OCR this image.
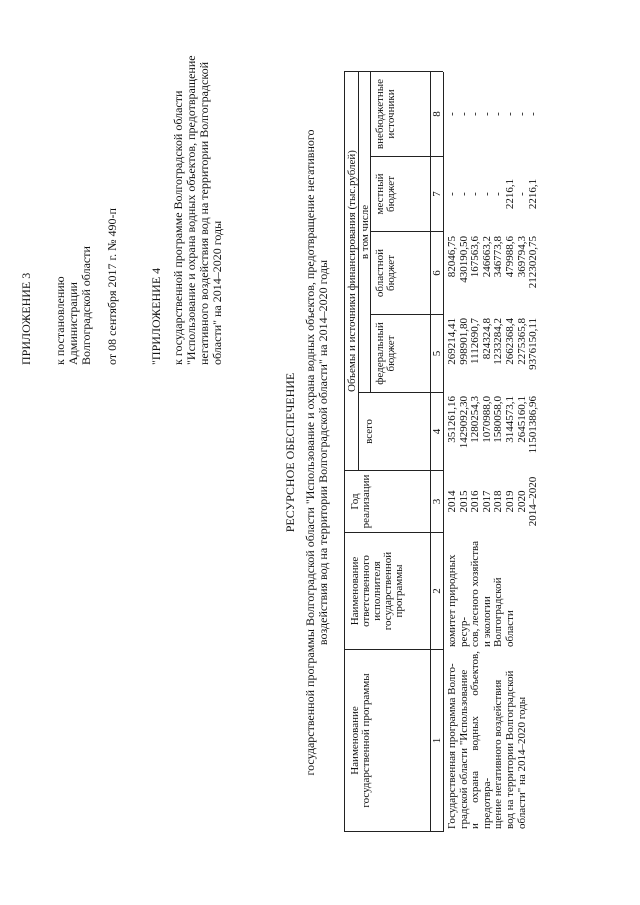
ПРИЛОЖЕНИЕ 3 к постановлению Администрации Волгоградской области от 08 сентября 2017 г. № 490-п	"ПРИЛОЖЕНИЕ 4 к государственной программе Волгоградской области "Использование и охрана водных объектов, предотвращение негативного воздействия вод на территории Волгоградской области" на 2014–2020 годы
РЕСУРСНОЕ ОБЕСПЕЧЕНИЕ государственной программы Волгоградской области "Использование и охрана водных объектов, предотвращение негативного воздействия вод на территории Волгоградской области" на 2014–2020 годы
Наименование
государственной программы
Наименование
ответственного
исполнителя
государственной
программы
Год
реализации
Объемы и источники финансирования (тыс.рублей)
всего
в том числе
федеральный
бюджет
областной
бюджет
местный
бюджет
внебюджетные
источники
1
2
3
4
5
6
7
8
Государственная программа Волго-
градской области "Использование
и охрана водных объектов, предотвра-
щение негативного воздействия
вод на территории Волгоградской
области" на 2014–2020 годы
комитет природных ресур-
сов, лесного хозяйства
и экологии Волгоградской
области
2014 2015 2016 2017 2018 2019 2020 2014–2020
351261,16 1429092,30 1280254,3 1070988,0 1580058,0 3144573,1 2645160,1 11501386,96
269214,41 998901,80 1112690,7 824324,8 1233284,2 2662368,4 2275365,8 9376150,11
82046,75 430190,50 167563,6 246663,2 346773,8 479988,6 369794,3 2123020,75
- - - - - 2216,1 - 2216,1
- - - - - - - -
